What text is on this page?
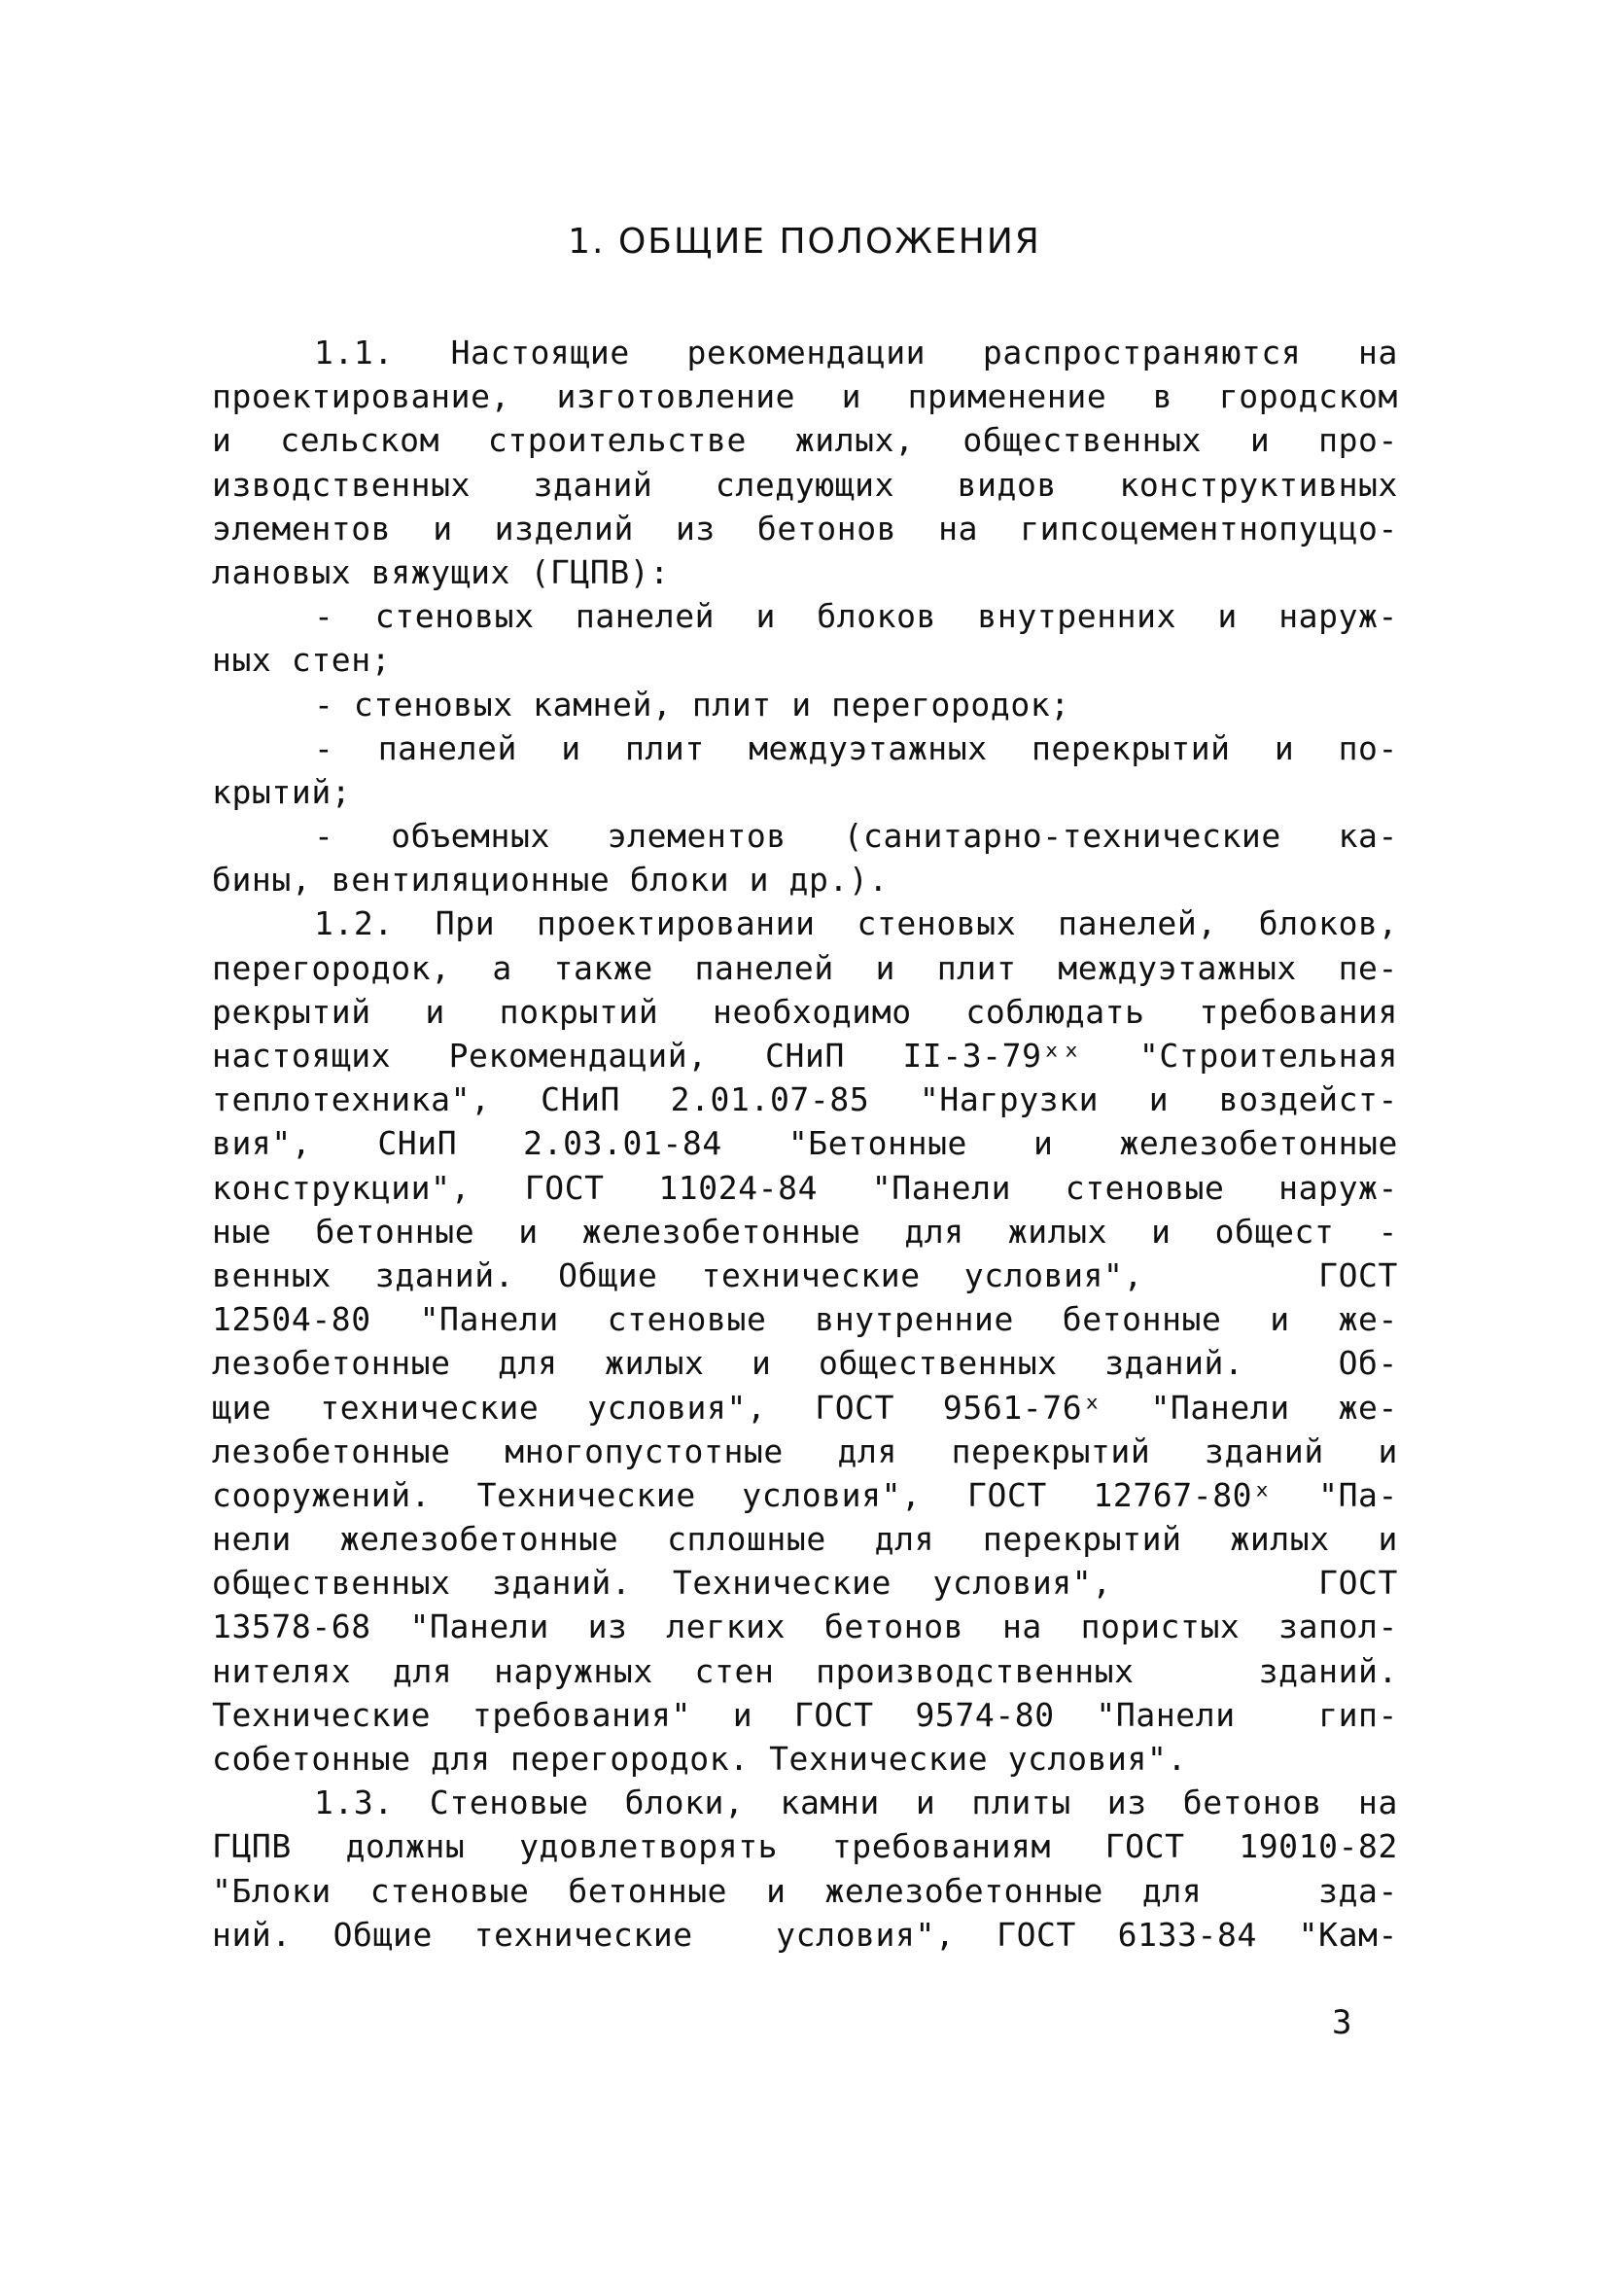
1. ОБЩИЕ ПОЛОЖЕНИЯ
1.1. Настоящие рекомендации распространяются на
проектирование, изготовление и применение в городском
и сельском строительстве жилых, общественных и про-
изводственных зданий следующих видов конструктивных
элементов и изделий из бетонов на гипсоцементнопуццо-
лановых вяжущих (ГЦПВ):
- стеновых панелей и блоков внутренних и наруж-
ных стен;
- стеновых камней, плит и перегородок;
- панелей и плит междуэтажных перекрытий и по-
крытий;
- объемных элементов (санитарно-технические ка-
бины, вентиляционные блоки и др.).
1.2. При проектировании стеновых панелей, блоков,
перегородок, а также панелей и плит междуэтажных пе-
рекрытий и покрытий необходимо соблюдать требования
настоящих Рекомендаций, СНиП II-3-79ˣˣ "Строительная
теплотехника", СНиП 2.01.07-85 "Нагрузки и воздейст-
вия", СНиП 2.03.01-84 "Бетонные и железобетонные
конструкции", ГОСТ 11024-84 "Панели стеновые наруж-
ные бетонные и железобетонные для жилых и общест -
венных зданий. Общие технические условия",    ГОСТ
12504-80 "Панели стеновые внутренние бетонные и же-
лезобетонные для жилых и общественных зданий.  Об-
щие технические условия", ГОСТ 9561-76ˣ "Панели же-
лезобетонные многопустотные для перекрытий зданий и
сооружений. Технические условия", ГОСТ 12767-80ˣ "Па-
нели железобетонные сплошные для перекрытий жилых и
общественных зданий. Технические условия",     ГОСТ
13578-68 "Панели из легких бетонов на пористых запол-
нителях для наружных стен производственных   зданий.
Технические требования" и ГОСТ 9574-80 "Панели  гип-
собетонные для перегородок. Технические условия".
1.3. Стеновые блоки, камни и плиты из бетонов на
ГЦПВ должны удовлетворять требованиям ГОСТ 19010-82
"Блоки стеновые бетонные и железобетонные для   зда-
ний. Общие технические  условия", ГОСТ 6133-84 "Кам-
3
